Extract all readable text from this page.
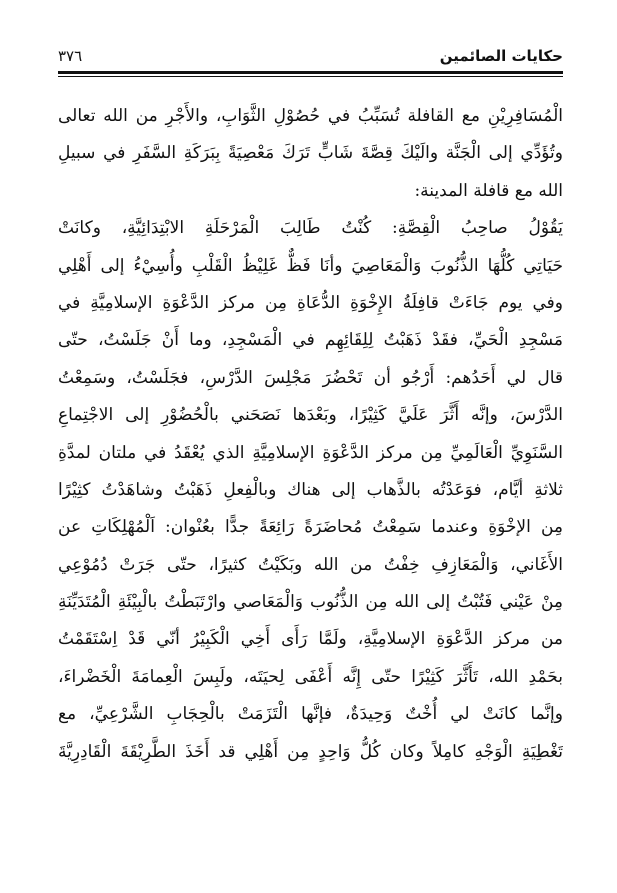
حكايات الصائمين
٣٧٦
الْمُسَافِرِيْنِ مع القافلة تُسَبِّبُ في حُصُوْلِ الثَّوَابِ، والأَجْرِ من الله تعالى
وتُؤَدِّي إلى الْجَنَّة والَيْكَ قِصَّةَ شَابٍّ تَرَكَ مَعْصِيَةً بِبَرَكَةِ السَّفَرِ في سبيلِ
الله مع قافلة المدينة:
يَقُوْلُ صاحِبُ الْقِصَّةِ: كُنْتُ طَالِبَ الْمَرْحَلَةِ الابْتِدَائِيَّةِ، وكانَتْ
حَيَاتِي كُلُّهَا الذُّنُوبَ وَالْمَعَاصِيَ وأنَا فَظٌّ غَلِيْظُ الْقَلْبِ وأُسِيْءُ إلى أَهْلِي
وفي يوم جَاءَتْ قافِلَةُ الإِخْوَةِ الدُّعَاةِ مِن مركز الدَّعْوَةِ الإسلامِيَّةِ في
مَسْجِدِ الْحَيِّ، فقَدْ ذَهَبْتُ لِلِقَائِهِم في الْمَسْجِدِ، وما أَنْ جَلَسْتُ، حتّى
قال لي أَحَدُهم: أَرْجُو أن تَحْضُرَ مَجْلِسَ الدَّرْسِ، فجَلَسْتُ، وسَمِعْتُ
الدَّرْسَ، وإنَّه أَثَّرَ عَلَيَّ كَثِيْرًا، وبَعْدَها نَصَحَني بالْحُضُوْرِ إلى الاجْتِماعِ
السَّنَوِيِّ الْعَالَمِيِّ مِن مركز الدَّعْوَةِ الإسلامِيَّةِ الذي يُعْقَدُ في ملتان لمدَّةِ
ثلاثةِ أيَّام، فوَعَدْتُه بالذَّهاب إلى هناك وبالْفِعلِ ذَهَبْتُ وشاهَدْتُ كثِيْرًا
مِن الإخْوَةِ وعندما سَمِعْتُ مُحاضَرَةً رَائِعَةً جدًّا بعُنْوان: اَلْمُهْلِكَاتِ عن
الأَغَاني، وَالْمَعَازِفِ خِفْتُ من الله وبَكَيْتُ كثيرًا، حتّى جَرَتْ دُمُوْعِي
مِنْ عَيْني فَتُبْتُ إلى الله مِن الذُّنُوب وَالْمَعَاصي وارْتَبَطْتُ بالْبِيْئَةِ الْمُتَدَيِّنَةِ
من مركز الدَّعْوَةِ الإسلامِيَّةِ، ولَمَّا رَأَى أَخِي الْكَبِيْرُ أنّي قَدْ اِسْتَقَمْتُ
بحَمْدِ الله، تَأَثَّرَ كَثِيْرًا حتّى إِنَّه أَعْفَى لِحيَتَه، ولَبِسَ الْعِمامَةَ الْخَضْراءَ،
وإنَّما كانَتْ لي أُخْتٌ وَحِيدَةٌ، فإنَّها الْتَزَمَتْ بالْحِجَابِ الشَّرْعِيِّ، مع
تَغْطِيَةِ الْوَجْهِ كامِلاً وكان كُلُّ وَاحِدٍ مِن أَهْلِي قد أَخَذَ الطَّرِيْقَةَ الْقَادِرِيَّةَ
